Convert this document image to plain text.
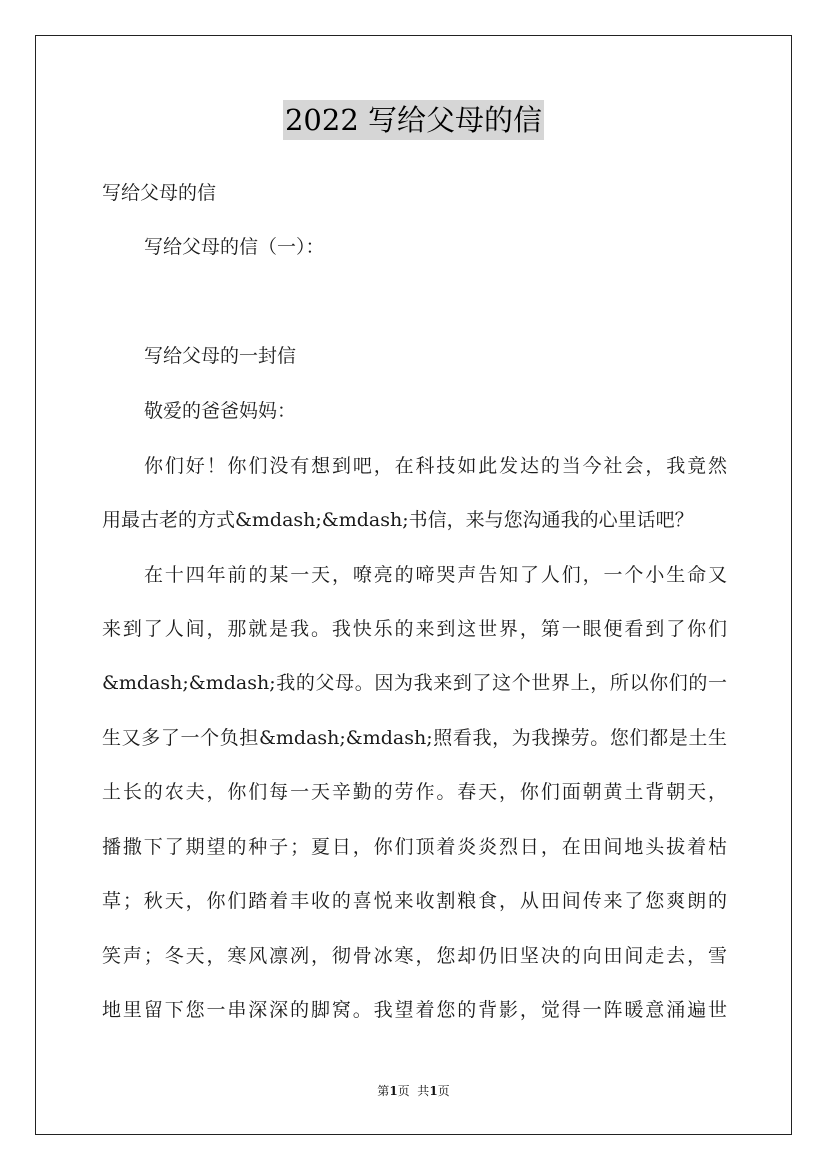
2022 写给父母的信
写给父母的信
写给父母的信（一）：
写给父母的一封信
敬爱的爸爸妈妈：
你们好！你们没有想到吧，在科技如此发达的当今社会，我竟然
用最古老的方式&mdash;&mdash;书信，来与您沟通我的心里话吧？
在十四年前的某一天，嘹亮的啼哭声告知了人们，一个小生命又
来到了人间，那就是我。我快乐的来到这世界，第一眼便看到了你们
&mdash;&mdash;我的父母。因为我来到了这个世界上，所以你们的一
生又多了一个负担&mdash;&mdash;照看我，为我操劳。您们都是土生
土长的农夫，你们每一天辛勤的劳作。春天，你们面朝黄土背朝天，
播撒下了期望的种子；夏日，你们顶着炎炎烈日，在田间地头拔着枯
草；秋天，你们踏着丰收的喜悦来收割粮食，从田间传来了您爽朗的
笑声；冬天，寒风凛冽，彻骨冰寒，您却仍旧坚决的向田间走去，雪
地里留下您一串深深的脚窝。我望着您的背影，觉得一阵暖意涌遍世
第1页  共1页
